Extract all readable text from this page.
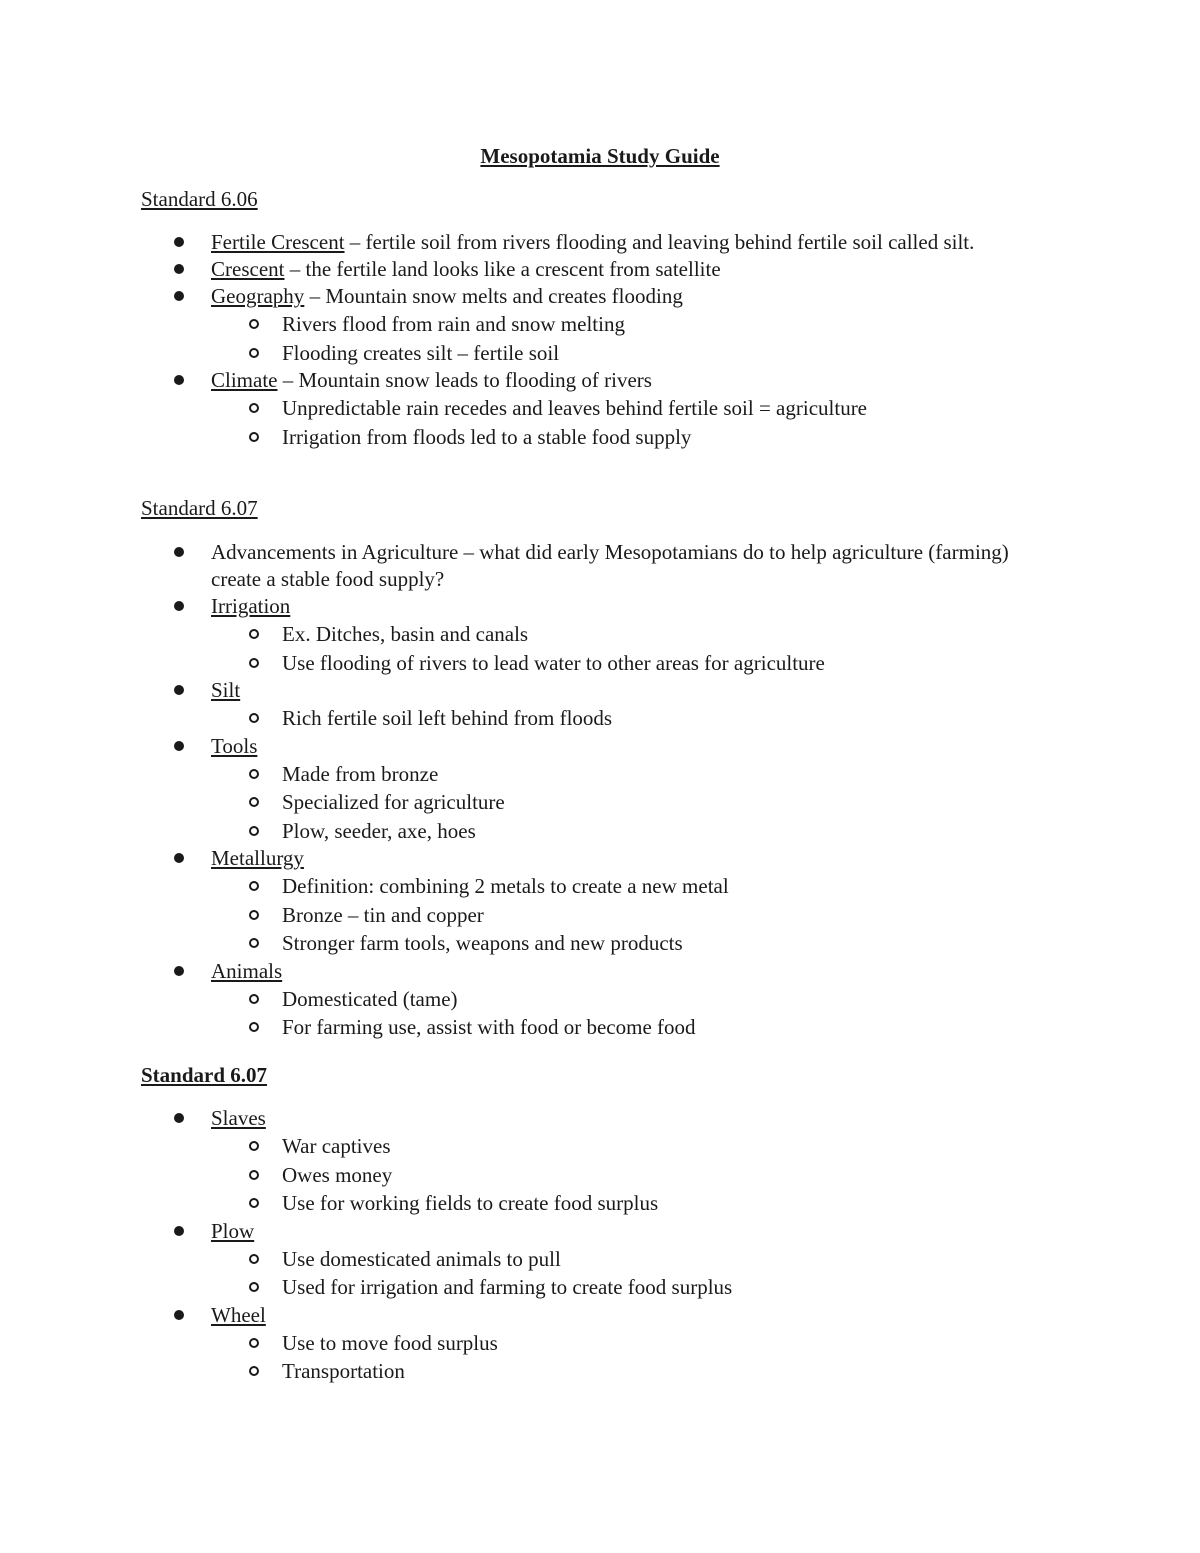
Mesopotamia Study Guide
Standard 6.06
Fertile Crescent – fertile soil from rivers flooding and leaving behind fertile soil called silt.
Crescent – the fertile land looks like a crescent from satellite
Geography – Mountain snow melts and creates flooding
Rivers flood from rain and snow melting
Flooding creates silt – fertile soil
Climate – Mountain snow leads to flooding of rivers
Unpredictable rain recedes and leaves behind fertile soil = agriculture
Irrigation from floods led to a stable food supply
Standard 6.07
Advancements in Agriculture – what did early Mesopotamians do to help agriculture (farming) create a stable food supply?
Irrigation
Ex. Ditches, basin and canals
Use flooding of rivers to lead water to other areas for agriculture
Silt
Rich fertile soil left behind from floods
Tools
Made from bronze
Specialized for agriculture
Plow, seeder, axe, hoes
Metallurgy
Definition: combining 2 metals to create a new metal
Bronze – tin and copper
Stronger farm tools, weapons and new products
Animals
Domesticated (tame)
For farming use, assist with food or become food
Standard 6.07
Slaves
War captives
Owes money
Use for working fields to create food surplus
Plow
Use domesticated animals to pull
Used for irrigation and farming to create food surplus
Wheel
Use to move food surplus
Transportation
